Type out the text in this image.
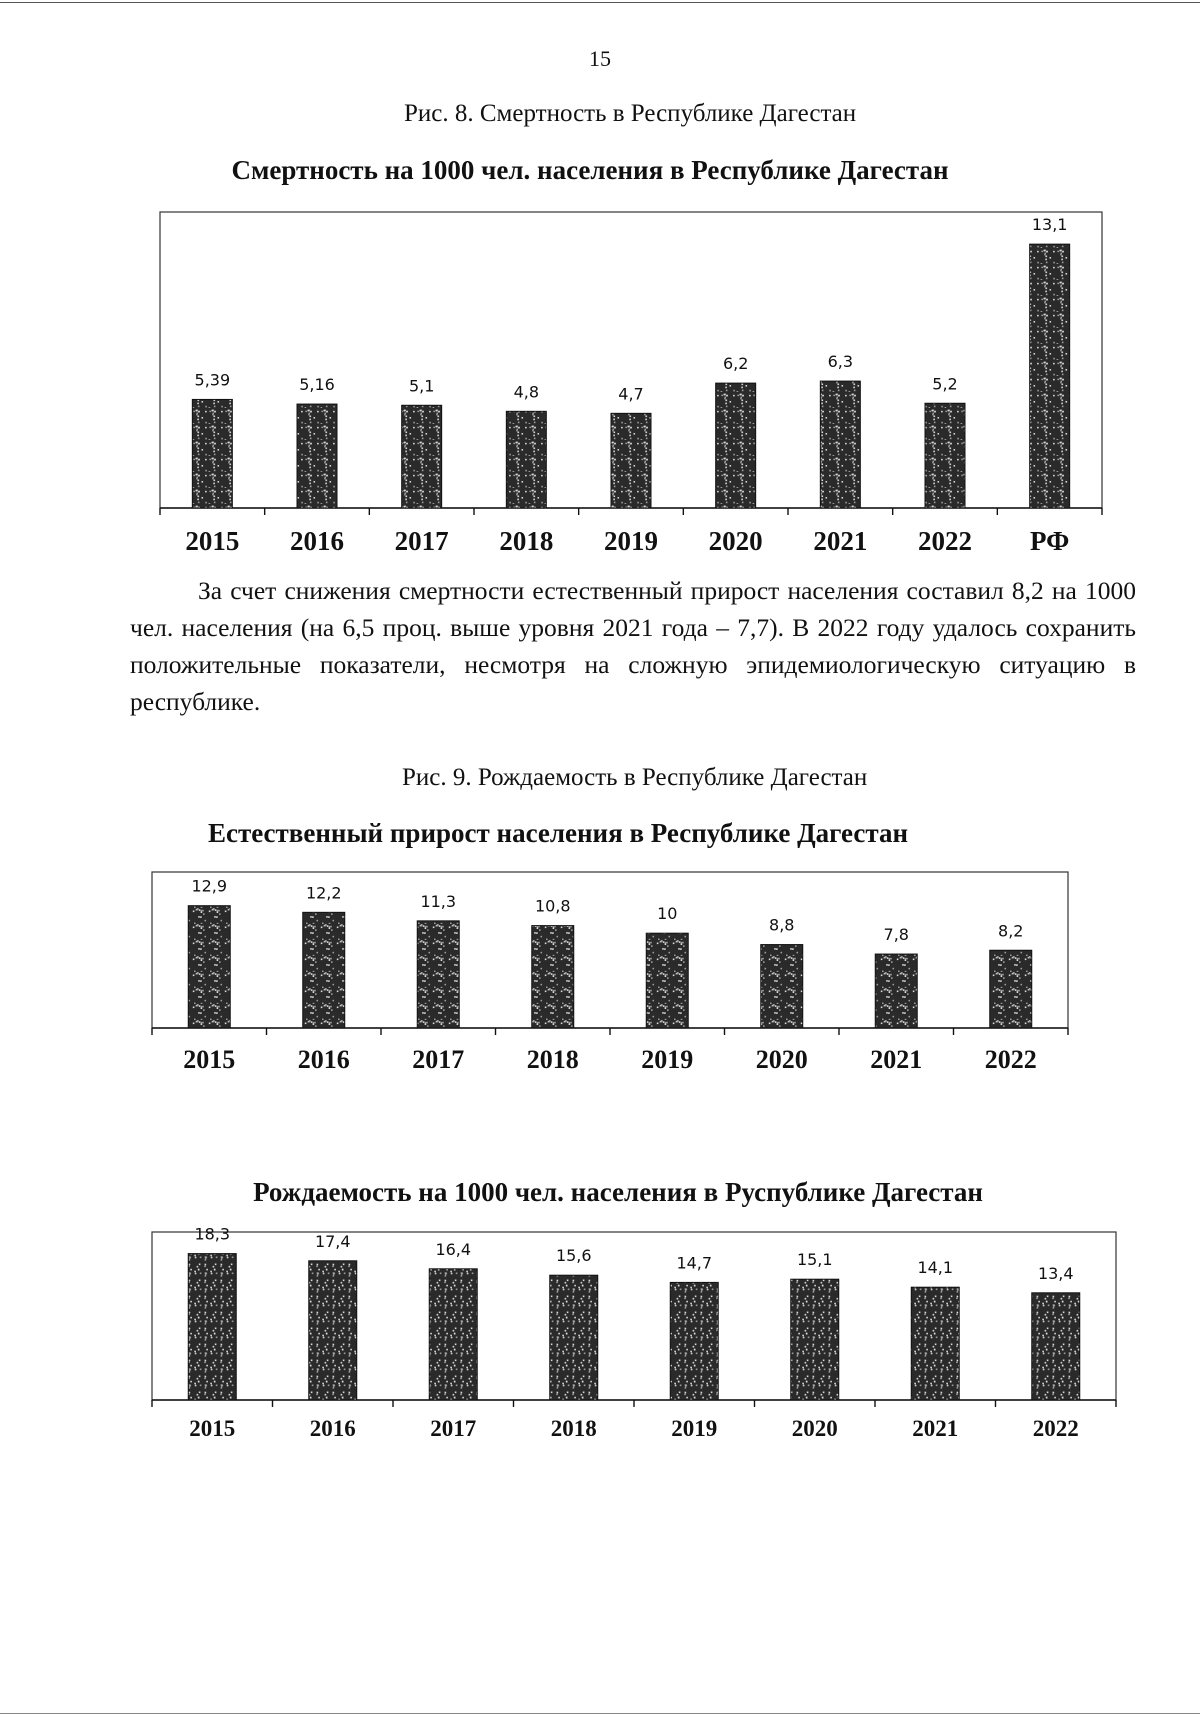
15
Рис. 8. Смертность в Республике Дагестан
Смертность на 1000 чел. населения в Республике Дагестан
5,39
2015
5,16
2016
5,1
2017
4,8
2018
4,7
2019
6,2
2020
6,3
2021
5,2
2022
13,1
РФ

За счет снижения смертности естественный прирост населения составил 8,2 на 1000 чел. населения (на 6,5 проц. выше уровня 2021 года – 7,7). В 2022 году удалось сохранить положительные показатели, несмотря на сложную эпидемиологическую ситуацию в республике.

Рис. 9. Рождаемость в Республике Дагестан
Естественный прирост населения в Республике Дагестан
12,9
2015
12,2
2016
11,3
2017
10,8
2018
10
2019
8,8
2020
7,8
2021
8,2
2022
Рождаемость на 1000 чел. населения в Руспублике Дагестан
18,3
2015
17,4
2016
16,4
2017
15,6
2018
14,7
2019
15,1
2020
14,1
2021
13,4
2022
